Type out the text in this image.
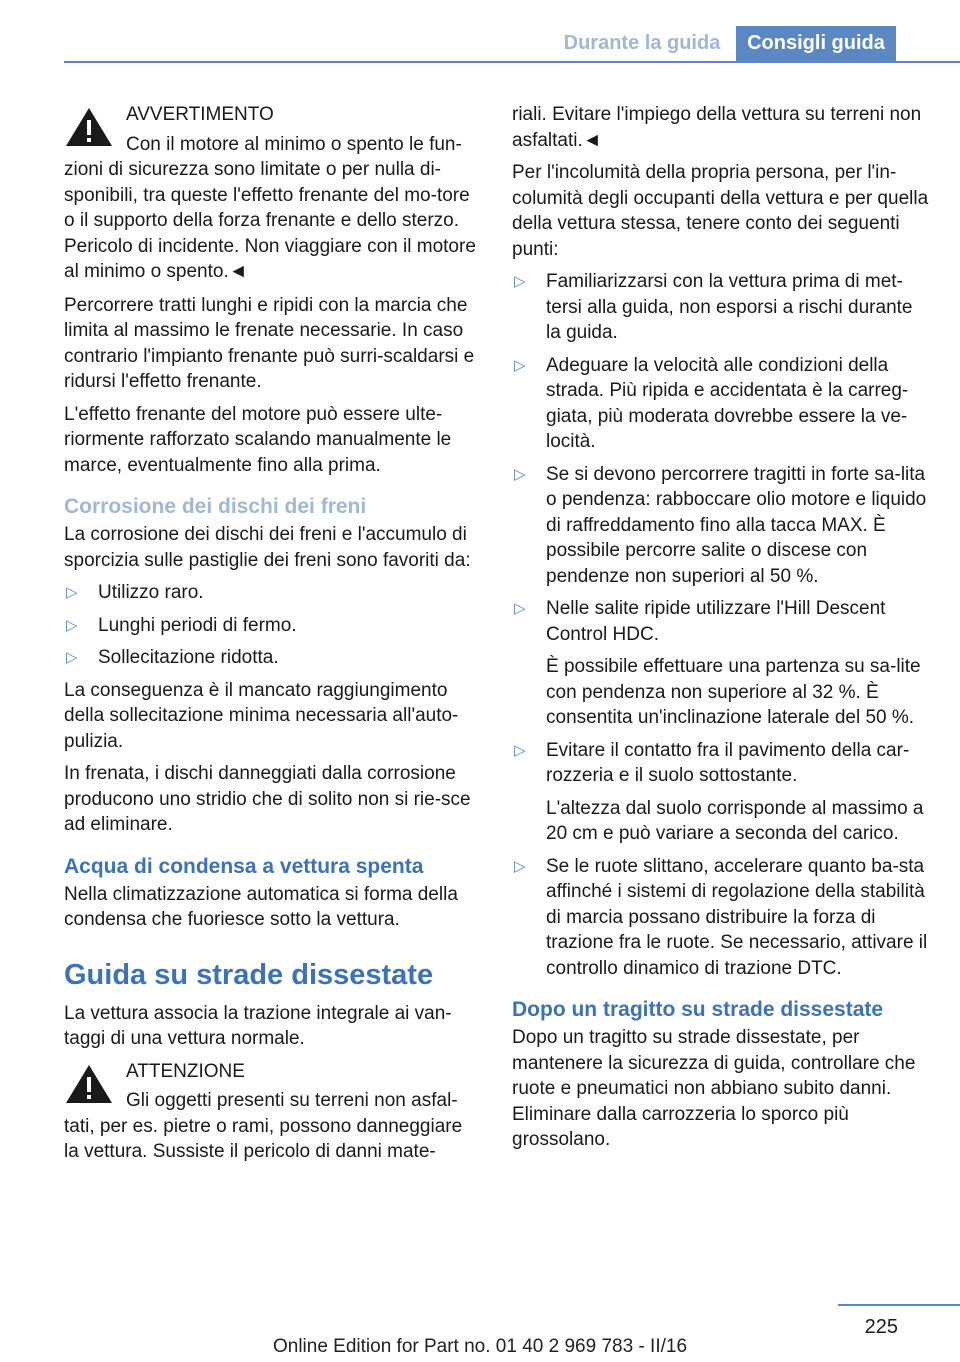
Durante la guida	Consigli guida
AVVERTIMENTO
Con il motore al minimo o spento le fun-zioni di sicurezza sono limitate o per nulla di-sponibili, tra queste l'effetto frenante del mo-tore o il supporto della forza frenante e dello sterzo. Pericolo di incidente. Non viaggiare con il motore al minimo o spento.◄

Percorrere tratti lunghi e ripidi con la marcia che limita al massimo le frenate necessarie. In caso contrario l'impianto frenante può surri-scaldarsi e ridursi l'effetto frenante.

L'effetto frenante del motore può essere ulte-riormente rafforzato scalando manualmente le marce, eventualmente fino alla prima.

Corrosione dei dischi dei freni

La corrosione dei dischi dei freni e l'accumulo di sporcizia sulle pastiglie dei freni sono favoriti da:

▷ Utilizzo raro.
▷ Lunghi periodi di fermo.
▷ Sollecitazione ridotta.

La conseguenza è il mancato raggiungimento della sollecitazione minima necessaria all'auto-pulizia.

In frenata, i dischi danneggiati dalla corrosione producono uno stridio che di solito non si rie-sce ad eliminare.

Acqua di condensa a vettura spenta

Nella climatizzazione automatica si forma della condensa che fuoriesce sotto la vettura.

Guida su strade dissestate

La vettura associa la trazione integrale ai van-taggi di una vettura normale.

ATTENZIONE
Gli oggetti presenti su terreni non asfal-tati, per es. pietre o rami, possono danneggiare la vettura. Sussiste il pericolo di danni mate-

riali. Evitare l'impiego della vettura su terreni non asfaltati.◄

Per l'incolumità della propria persona, per l'in-columità degli occupanti della vettura e per quella della vettura stessa, tenere conto dei seguenti punti:

▷ Familiarizzarsi con la vettura prima di met-tersi alla guida, non esporsi a rischi durante la guida.
▷ Adeguare la velocità alle condizioni della strada. Più ripida e accidentata è la carreg-giata, più moderata dovrebbe essere la ve-locità.
▷ Se si devono percorrere tragitti in forte sa-lita o pendenza: rabboccare olio motore e liquido di raffreddamento fino alla tacca MAX. È possibile percorre salite o discese con pendenze non superiori al 50 %.
▷ Nelle salite ripide utilizzare l'Hill Descent Control HDC.
È possibile effettuare una partenza su sa-lite con pendenza non superiore al 32 %. È consentita un'inclinazione laterale del 50 %.
▷ Evitare il contatto fra il pavimento della car-rozzeria e il suolo sottostante.
L'altezza dal suolo corrisponde al massimo a 20 cm e può variare a seconda del carico.
▷ Se le ruote slittano, accelerare quanto ba-sta affinché i sistemi di regolazione della stabilità di marcia possano distribuire la forza di trazione fra le ruote. Se necessario, attivare il controllo dinamico di trazione DTC.
Dopo un tragitto su strade dissestate

Dopo un tragitto su strade dissestate, per mantenere la sicurezza di guida, controllare che ruote e pneumatici non abbiano subito danni. Eliminare dalla carrozzeria lo sporco più grossolano.

225
Online Edition for Part no. 01 40 2 969 783 - II/16
